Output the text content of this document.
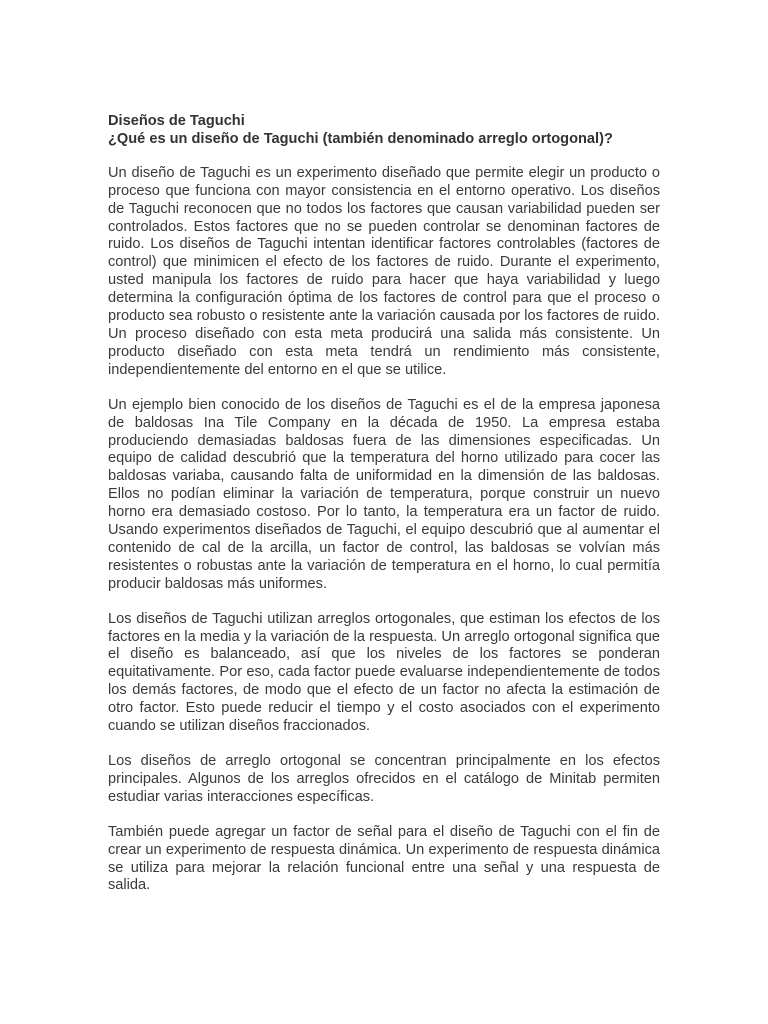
Diseños de Taguchi

¿Qué es un diseño de Taguchi (también denominado arreglo ortogonal)?

Un diseño de Taguchi es un experimento diseñado que permite elegir un producto o proceso que funciona con mayor consistencia en el entorno operativo. Los diseños de Taguchi reconocen que no todos los factores que causan variabilidad pueden ser controlados. Estos factores que no se pueden controlar se denominan factores de ruido. Los diseños de Taguchi intentan identificar factores controlables (factores de control) que minimicen el efecto de los factores de ruido. Durante el experimento, usted manipula los factores de ruido para hacer que haya variabilidad y luego determina la configuración óptima de los factores de control para que el proceso o producto sea robusto o resistente ante la variación causada por los factores de ruido. Un proceso diseñado con esta meta producirá una salida más consistente. Un producto diseñado con esta meta tendrá un rendimiento más consistente, independientemente del entorno en el que se utilice.

Un ejemplo bien conocido de los diseños de Taguchi es el de la empresa japonesa de baldosas Ina Tile Company en la década de 1950. La empresa estaba produciendo demasiadas baldosas fuera de las dimensiones especificadas. Un equipo de calidad descubrió que la temperatura del horno utilizado para cocer las baldosas variaba, causando falta de uniformidad en la dimensión de las baldosas. Ellos no podían eliminar la variación de temperatura, porque construir un nuevo horno era demasiado costoso. Por lo tanto, la temperatura era un factor de ruido. Usando experimentos diseñados de Taguchi, el equipo descubrió que al aumentar el contenido de cal de la arcilla, un factor de control, las baldosas se volvían más resistentes o robustas ante la variación de temperatura en el horno, lo cual permitía producir baldosas más uniformes.

Los diseños de Taguchi utilizan arreglos ortogonales, que estiman los efectos de los factores en la media y la variación de la respuesta. Un arreglo ortogonal significa que el diseño es balanceado, así que los niveles de los factores se ponderan equitativamente. Por eso, cada factor puede evaluarse independientemente de todos los demás factores, de modo que el efecto de un factor no afecta la estimación de otro factor. Esto puede reducir el tiempo y el costo asociados con el experimento cuando se utilizan diseños fraccionados.

Los diseños de arreglo ortogonal se concentran principalmente en los efectos principales. Algunos de los arreglos ofrecidos en el catálogo de Minitab permiten estudiar varias interacciones específicas.

También puede agregar un factor de señal para el diseño de Taguchi con el fin de crear un experimento de respuesta dinámica. Un experimento de respuesta dinámica se utiliza para mejorar la relación funcional entre una señal y una respuesta de salida.
